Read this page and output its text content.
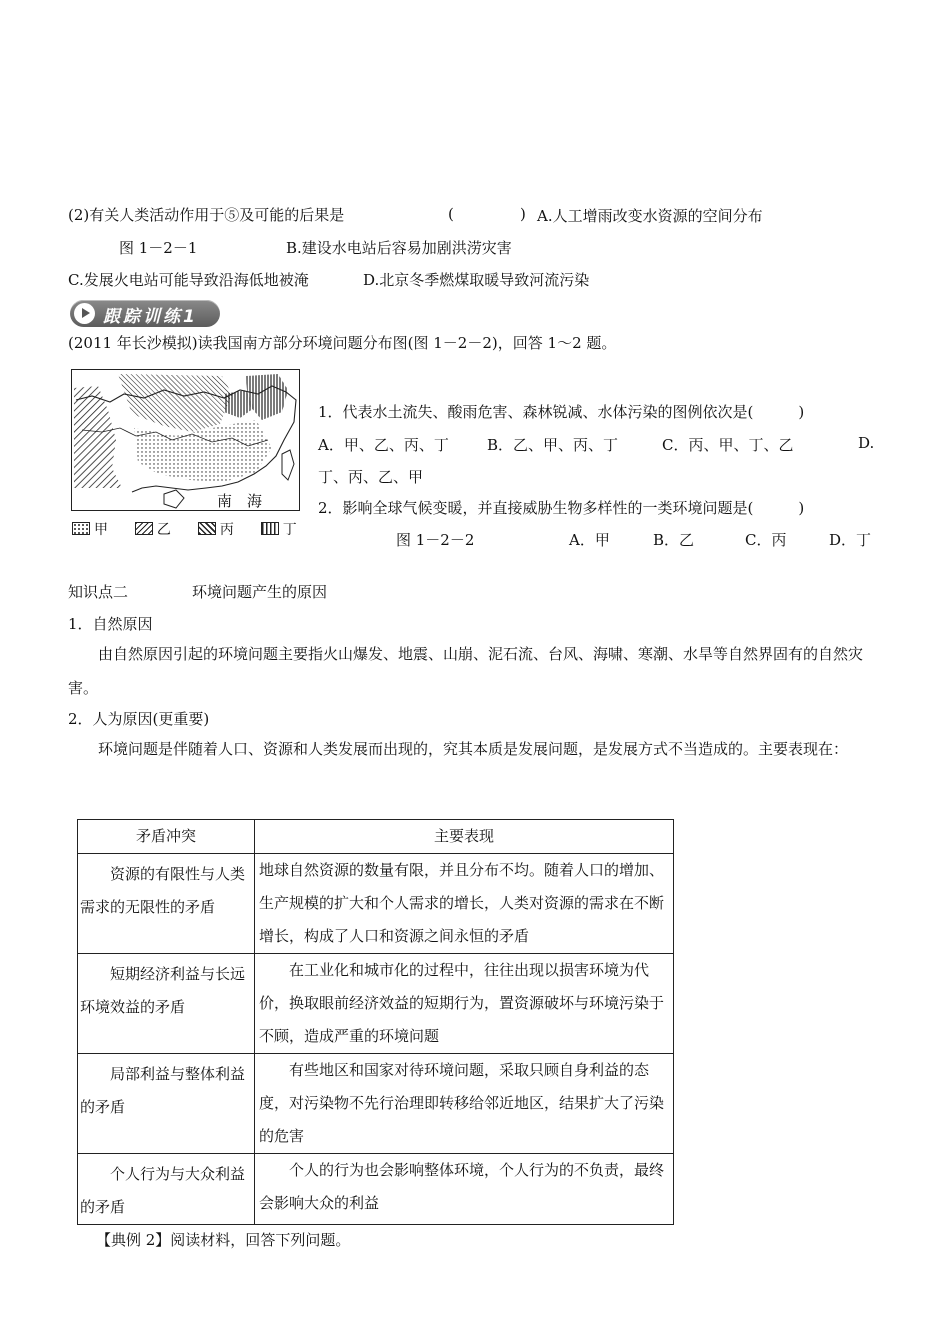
(2)有关人类活动作用于⑤及可能的后果是	(	) A.人工增雨改变水资源的空间分布
图 1－2－1	B.建设水电站后容易加剧洪涝灾害
C.发展火电站可能导致沿海低地被淹	D.北京冬季燃煤取暖导致河流污染
跟踪训练1
(2011 年长沙模拟)读我国南方部分环境问题分布图(图 1－2－2)，回答 1～2 题。
南　海
甲	乙	丙	丁
1．代表水土流失、酸雨危害、森林锐减、水体污染的图例依次是(　　　)
A．甲、乙、丙、丁	B．乙、甲、丙、丁	C．丙、甲、丁、乙	D.
丁、丙、乙、甲
2．影响全球气候变暖，并直接威胁生物多样性的一类环境问题是(　　　)
图 1－2－2	A．甲	B．乙	C．丙	D．丁
知识点二	环境问题产生的原因
1．自然原因
由自然原因引起的环境问题主要指火山爆发、地震、山崩、泥石流、台风、海啸、寒潮、水旱等自然界固有的自然灾害。
2．人为原因(更重要)
环境问题是伴随着人口、资源和人类发展而出现的，究其本质是发展问题，是发展方式不当造成的。主要表现在：
矛盾冲突	主要表现
资源的有限性与人类需求的无限性的矛盾	地球自然资源的数量有限，并且分布不均。随着人口的增加、生产规模的扩大和个人需求的增长，人类对资源的需求在不断增长，构成了人口和资源之间永恒的矛盾
短期经济利益与长远环境效益的矛盾	在工业化和城市化的过程中，往往出现以损害环境为代价，换取眼前经济效益的短期行为，置资源破坏与环境污染于不顾，造成严重的环境问题
局部利益与整体利益的矛盾	有些地区和国家对待环境问题，采取只顾自身利益的态度，对污染物不先行治理即转移给邻近地区，结果扩大了污染的危害
个人行为与大众利益的矛盾	个人的行为也会影响整体环境，个人行为的不负责，最终会影响大众的利益
【典例 2】阅读材料，回答下列问题。
